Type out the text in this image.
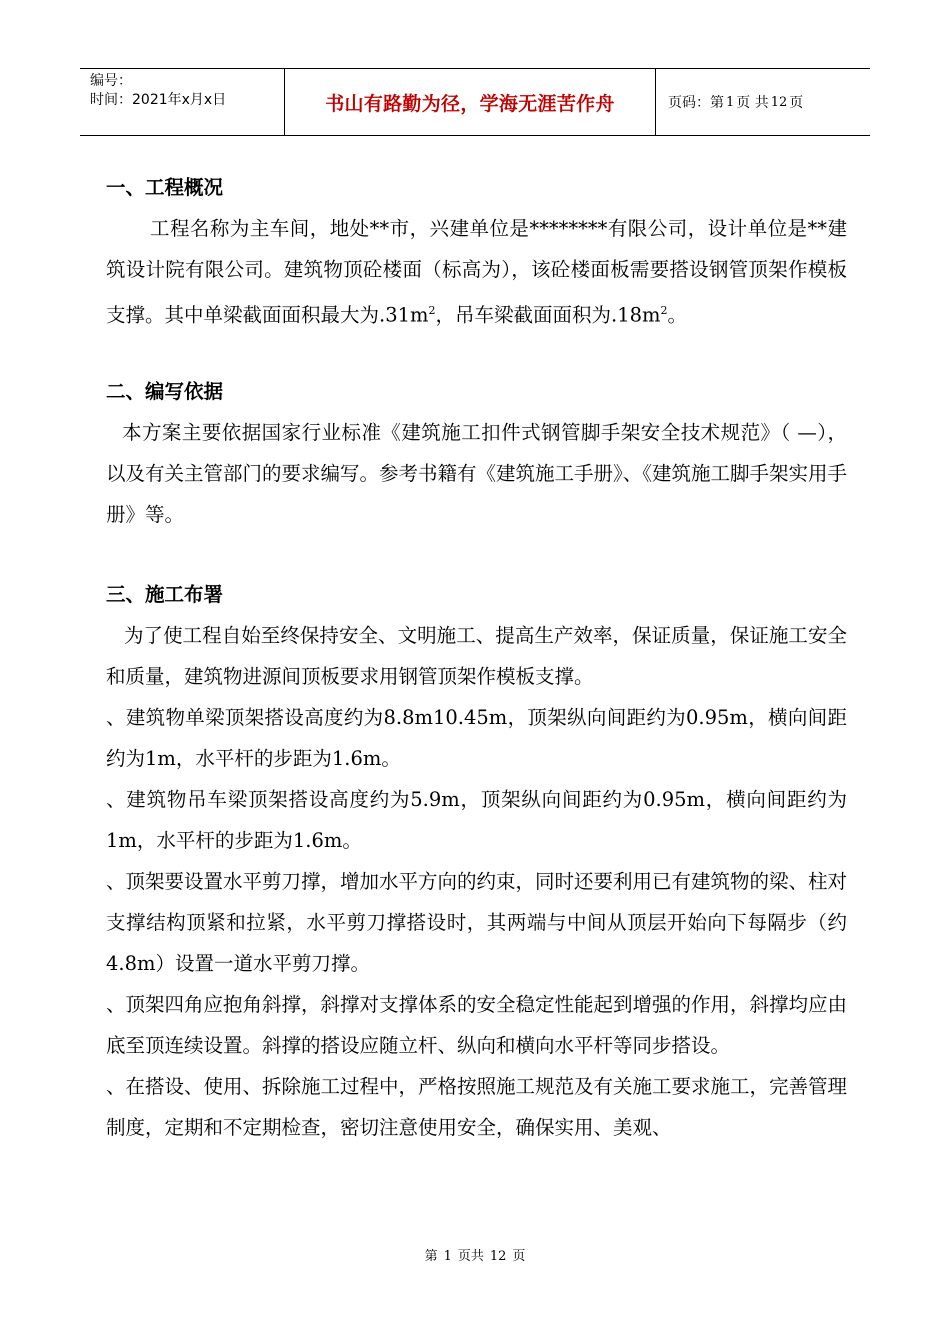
编号：
时间：2021年x月x日	书山有路勤为径，学海无涯苦作舟	页码：第 1 页 共 12 页
一、工程概况

工程名称为主车间，地处**市，兴建单位是********有限公司，设计单位是**建筑设计院有限公司。建筑物顶砼楼面（标高为），该砼楼面板需要搭设钢管顶架作模板支撑。其中单梁截面面积最大为$.31m^2$，吊车梁截面面积为$.18m^2$。

二、编写依据

本方案主要依据国家行业标准《建筑施工扣件式钢管脚手架安全技术规范》（ —），以及有关主管部门的要求编写。参考书籍有《建筑施工手册》、《建筑施工脚手架实用手册》等。

三、施工布署

为了使工程自始至终保持安全、文明施工、提高生产效率，保证质量，保证施工安全和质量，建筑物进源间顶板要求用钢管顶架作模板支撑。

、建筑物单梁顶架搭设高度约为8.8m10.45m，顶架纵向间距约为0.95m，横向间距约为1m，水平杆的步距为1.6m。

、建筑物吊车梁顶架搭设高度约为5.9m，顶架纵向间距约为0.95m，横向间距约为1m，水平杆的步距为1.6m。

、顶架要设置水平剪刀撑，增加水平方向的约束，同时还要利用已有建筑物的梁、柱对支撑结构顶紧和拉紧，水平剪刀撑搭设时，其两端与中间从顶层开始向下每隔步（约4.8m）设置一道水平剪刀撑。

、顶架四角应抱角斜撑，斜撑对支撑体系的安全稳定性能起到增强的作用，斜撑均应由底至顶连续设置。斜撑的搭设应随立杆、纵向和横向水平杆等同步搭设。

、在搭设、使用、拆除施工过程中，严格按照施工规范及有关施工要求施工，完善管理制度，定期和不定期检查，密切注意使用安全，确保实用、美观、

第 1 页共 12 页
